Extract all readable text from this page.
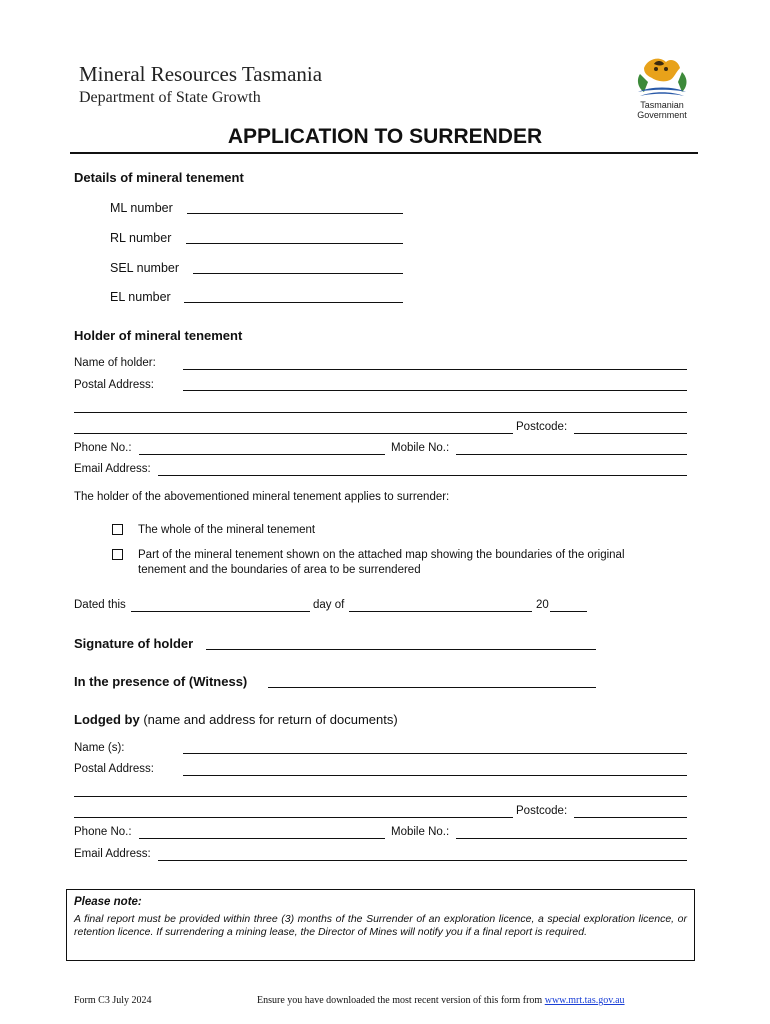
Mineral Resources Tasmania
Department of State Growth	Tasmanian
Government
APPLICATION TO SURRENDER
Details of mineral tenement
ML number
RL number
SEL number
EL number
Holder of mineral tenement
Name of holder:
Postal Address:
Postcode:
Phone No.:	Mobile No.:
Email Address:
The holder of the abovementioned mineral tenement applies to surrender:
The whole of the mineral tenement
Part of the mineral tenement shown on the attached map showing the boundaries of the original
tenement and the boundaries of area to be surrendered
Dated this	day of	20
Signature of holder
In the presence of (Witness)
Lodged by (name and address for return of documents)
Name (s):
Postal Address:
Postcode:
Phone No.:	Mobile No.:
Email Address:
Please note:
A final report must be provided within three (3) months of the Surrender of an exploration licence, a special exploration licence, or retention licence. If surrendering a mining lease, the Director of Mines will notify you if a final report is required.
Form C3 July 2024	Ensure you have downloaded the most recent version of this form from www.mrt.tas.gov.au
